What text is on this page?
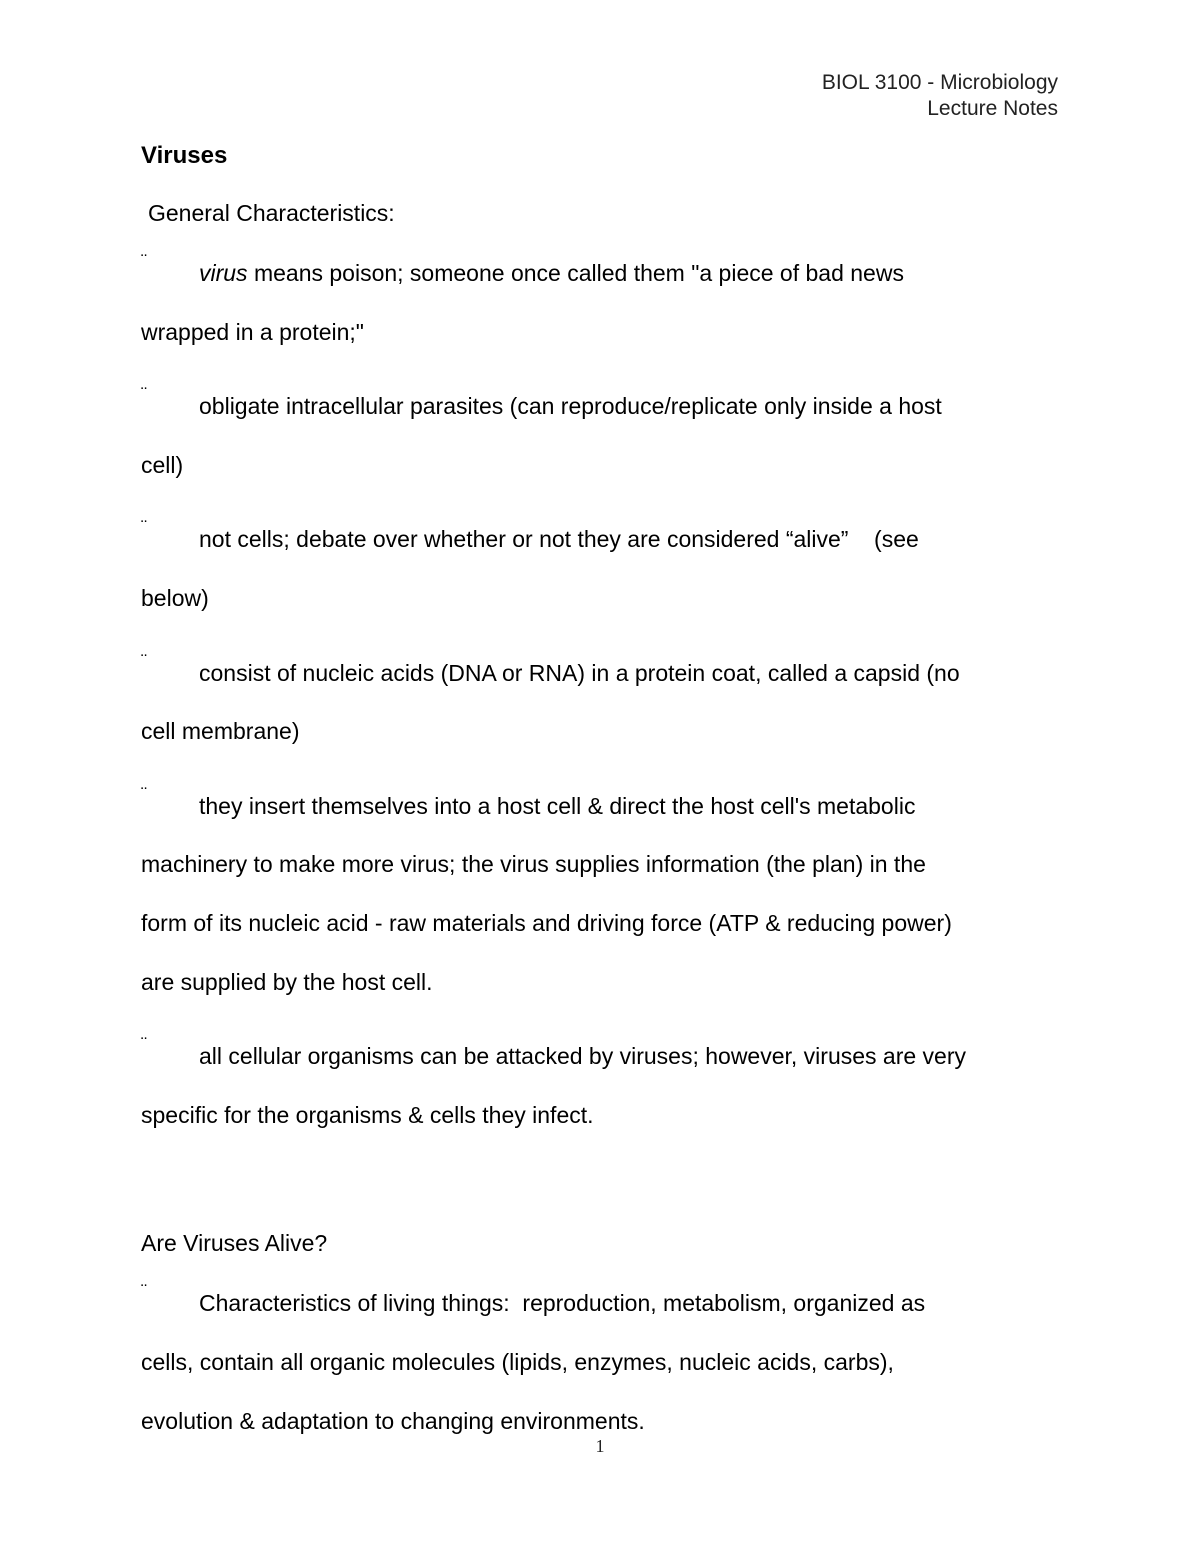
BIOL 3100 - Microbiology
Lecture Notes
Viruses
General Characteristics:
¨	virus means poison; someone once called them "a piece of bad news
wrapped in a protein;"
¨	obligate intracellular parasites (can reproduce/replicate only inside a host
cell)
¨	not cells; debate over whether or not they are considered “alive”    (see
below)
¨	consist of nucleic acids (DNA or RNA) in a protein coat, called a capsid (no
cell membrane)
¨	they insert themselves into a host cell & direct the host cell's metabolic
machinery to make more virus; the virus supplies information (the plan) in the
form of its nucleic acid - raw materials and driving force (ATP & reducing power)
are supplied by the host cell.
¨	all cellular organisms can be attacked by viruses; however, viruses are very
specific for the organisms & cells they infect.
Are Viruses Alive?
¨	Characteristics of living things:  reproduction, metabolism, organized as
cells, contain all organic molecules (lipids, enzymes, nucleic acids, carbs),
evolution & adaptation to changing environments.
1
